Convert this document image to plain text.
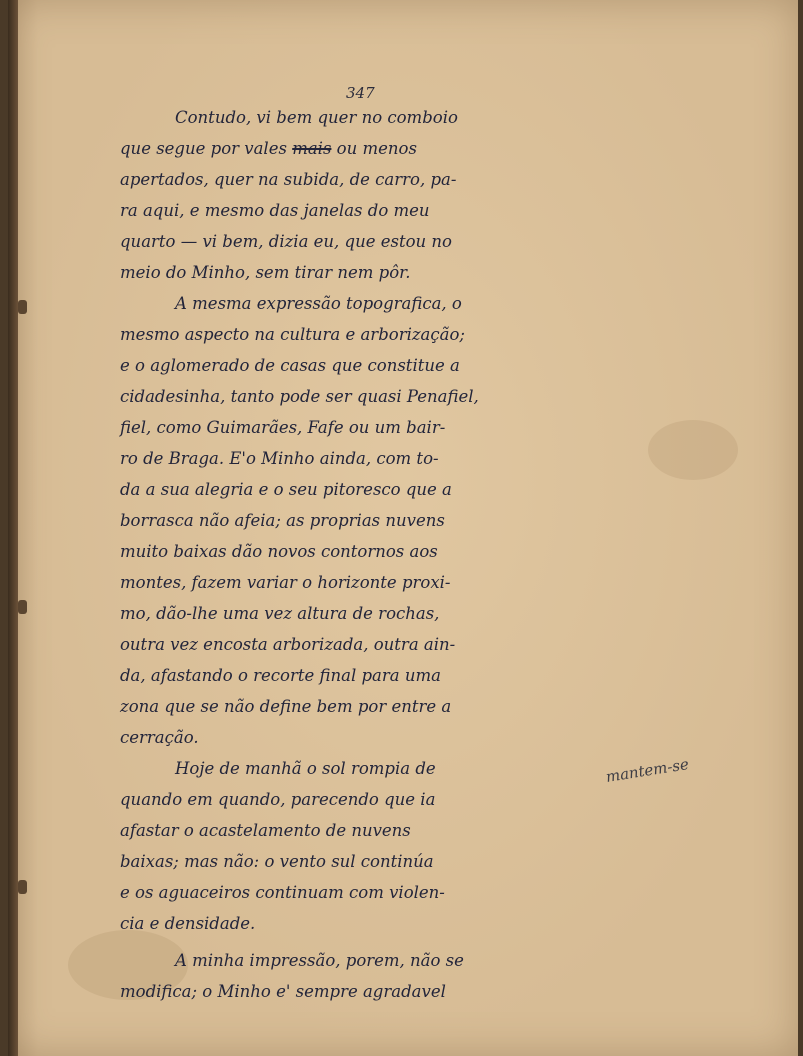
347
Contudo, vi bem quer no comboio
que segue por vales mais ou menos
apertados, quer na subida, de carro, pa-
ra aqui, e mesmo das janelas do meu
quarto — vi bem, dizia eu, que estou no
meio do Minho, sem tirar nem pôr.
A mesma expressão topografica, o
mesmo aspecto na cultura e arborização;
e o aglomerado de casas que constitue a
cidadesinha, tanto pode ser quasi Penafiel,
fiel, como Guimarães, Fafe ou um bair-
ro de Braga. E'o Minho ainda, com to-
da a sua alegria e o seu pitoresco que a
borrasca não afeia; as proprias nuvens
muito baixas dão novos contornos aos
montes, fazem variar o horizonte proxi-
mo, dão-lhe uma vez altura de rochas,
outra vez encosta arborizada, outra ain-
da, afastando o recorte final para uma
zona que se não define bem por entre a
cerração.
Hoje de manhã o sol rompia de
quando em quando, parecendo que ia
afastar o acastelamento de nuvens
baixas; mas não: o vento sul continúa
e os aguaceiros continuam com violen-
cia e densidade.
A minha impressão, porem, não se
modifica; o Minho e' sempre agradavel
mantem-se
